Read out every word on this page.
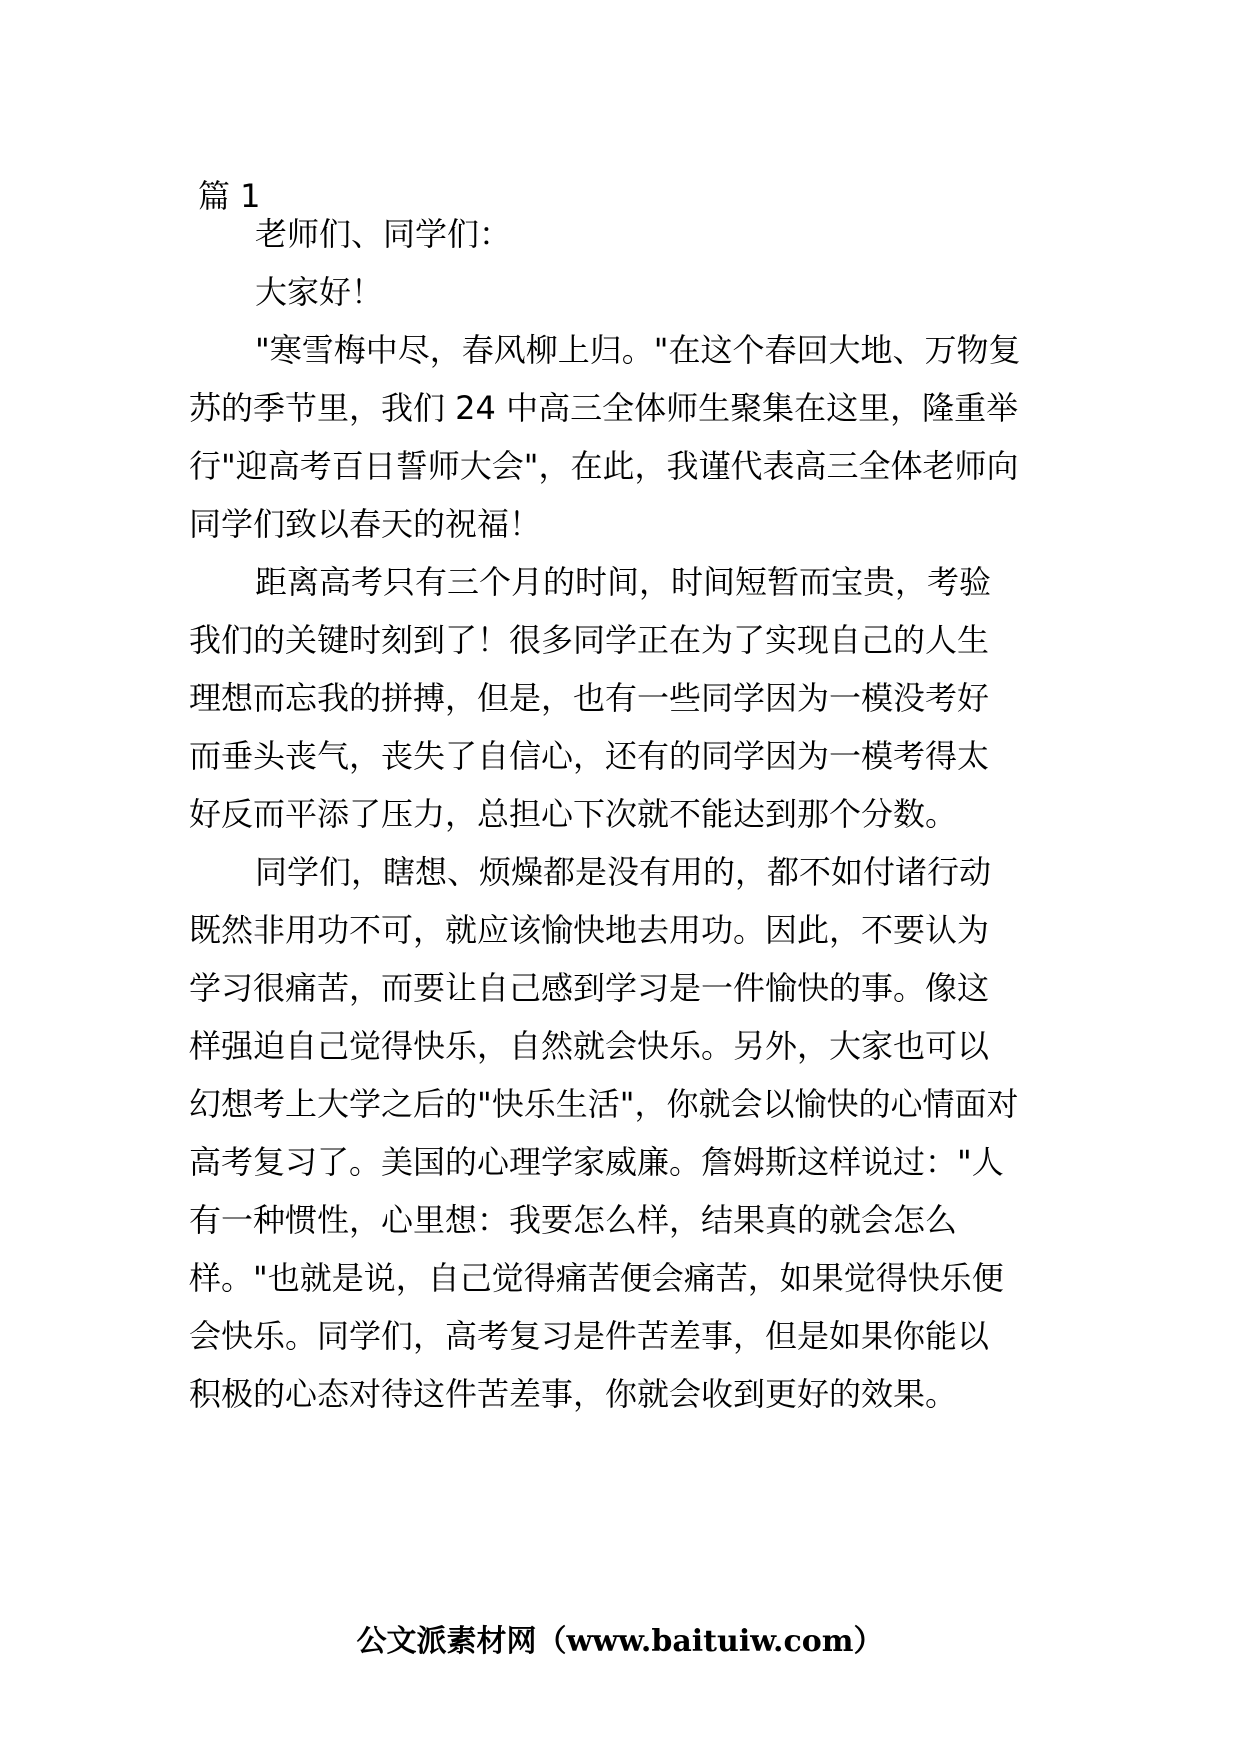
篇 1

老师们、同学们：

大家好！

"寒雪梅中尽，春风柳上归。"在这个春回大地、万物复

苏的季节里，我们 24 中高三全体师生聚集在这里，隆重举

行"迎高考百日誓师大会"，在此，我谨代表高三全体老师向

同学们致以春天的祝福！

距离高考只有三个月的时间，时间短暂而宝贵，考验

我们的关键时刻到了！很多同学正在为了实现自己的人生

理想而忘我的拼搏，但是，也有一些同学因为一模没考好

而垂头丧气，丧失了自信心，还有的同学因为一模考得太

好反而平添了压力，总担心下次就不能达到那个分数。

同学们，瞎想、烦燥都是没有用的，都不如付诸行动

既然非用功不可，就应该愉快地去用功。因此，不要认为

学习很痛苦，而要让自己感到学习是一件愉快的事。像这

样强迫自己觉得快乐，自然就会快乐。另外，大家也可以

幻想考上大学之后的"快乐生活"，你就会以愉快的心情面对

高考复习了。美国的心理学家威廉。詹姆斯这样说过："人

有一种惯性，心里想：我要怎么样，结果真的就会怎么

样。"也就是说，自己觉得痛苦便会痛苦，如果觉得快乐便

会快乐。同学们，高考复习是件苦差事，但是如果你能以

积极的心态对待这件苦差事，你就会收到更好的效果。

公文派素材网（www.baituiw.com）
